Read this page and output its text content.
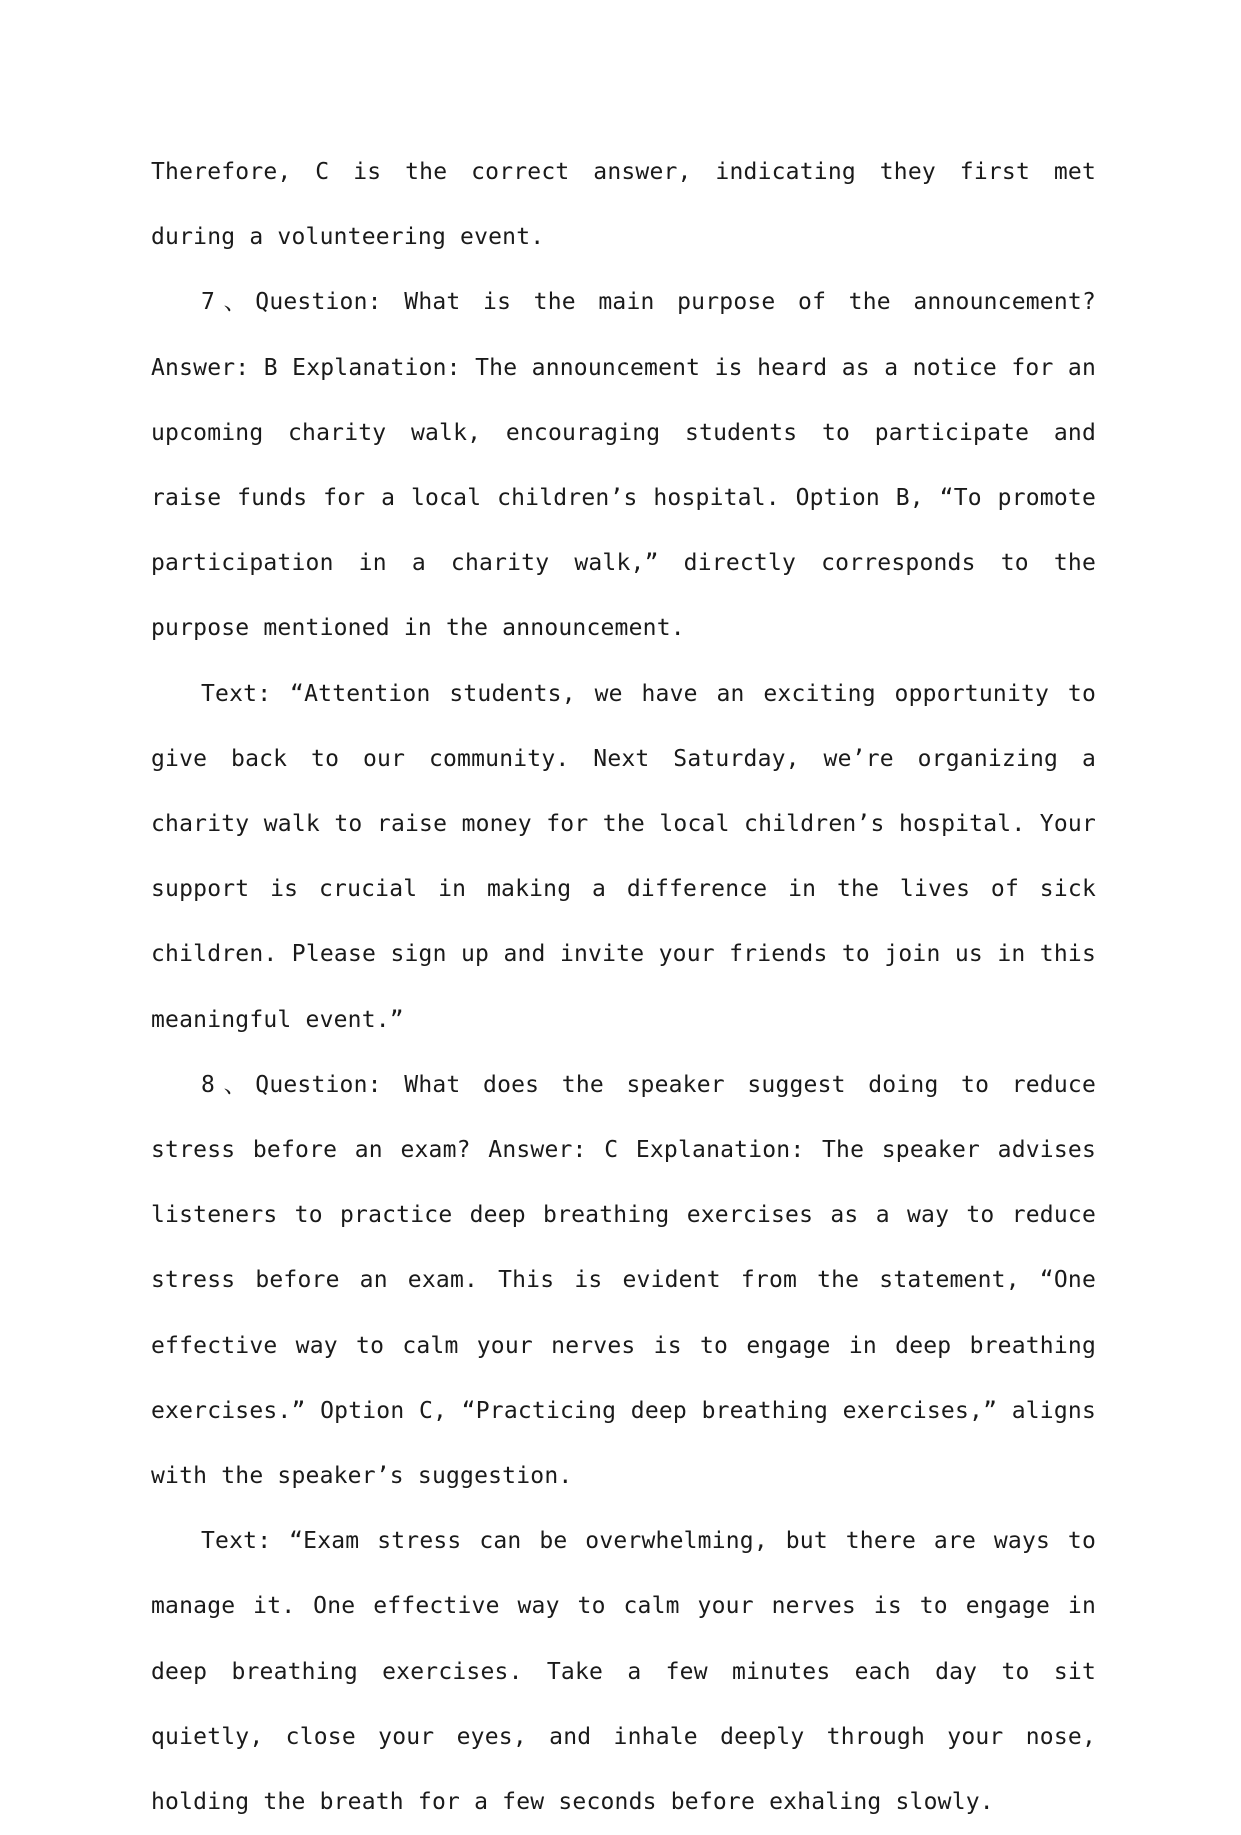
Therefore, C is the correct answer, indicating they first met during a volunteering event.

7、Question: What is the main purpose of the announcement? Answer: B Explanation: The announcement is heard as a notice for an upcoming charity walk, encouraging students to participate and raise funds for a local children’s hospital. Option B, “To promote participation in a charity walk,” directly corresponds to the purpose mentioned in the announcement.

Text: “Attention students, we have an exciting opportunity to give back to our community. Next Saturday, we’re organizing a charity walk to raise money for the local children’s hospital. Your support is crucial in making a difference in the lives of sick children. Please sign up and invite your friends to join us in this meaningful event.”

8、Question: What does the speaker suggest doing to reduce stress before an exam? Answer: C Explanation: The speaker advises listeners to practice deep breathing exercises as a way to reduce stress before an exam. This is evident from the statement, “One effective way to calm your nerves is to engage in deep breathing exercises.” Option C, “Practicing deep breathing exercises,” aligns with the speaker’s suggestion.

Text: “Exam stress can be overwhelming, but there are ways to manage it. One effective way to calm your nerves is to engage in deep breathing exercises. Take a few minutes each day to sit quietly, close your eyes, and inhale deeply through your nose, holding the breath for a few seconds before exhaling slowly.
